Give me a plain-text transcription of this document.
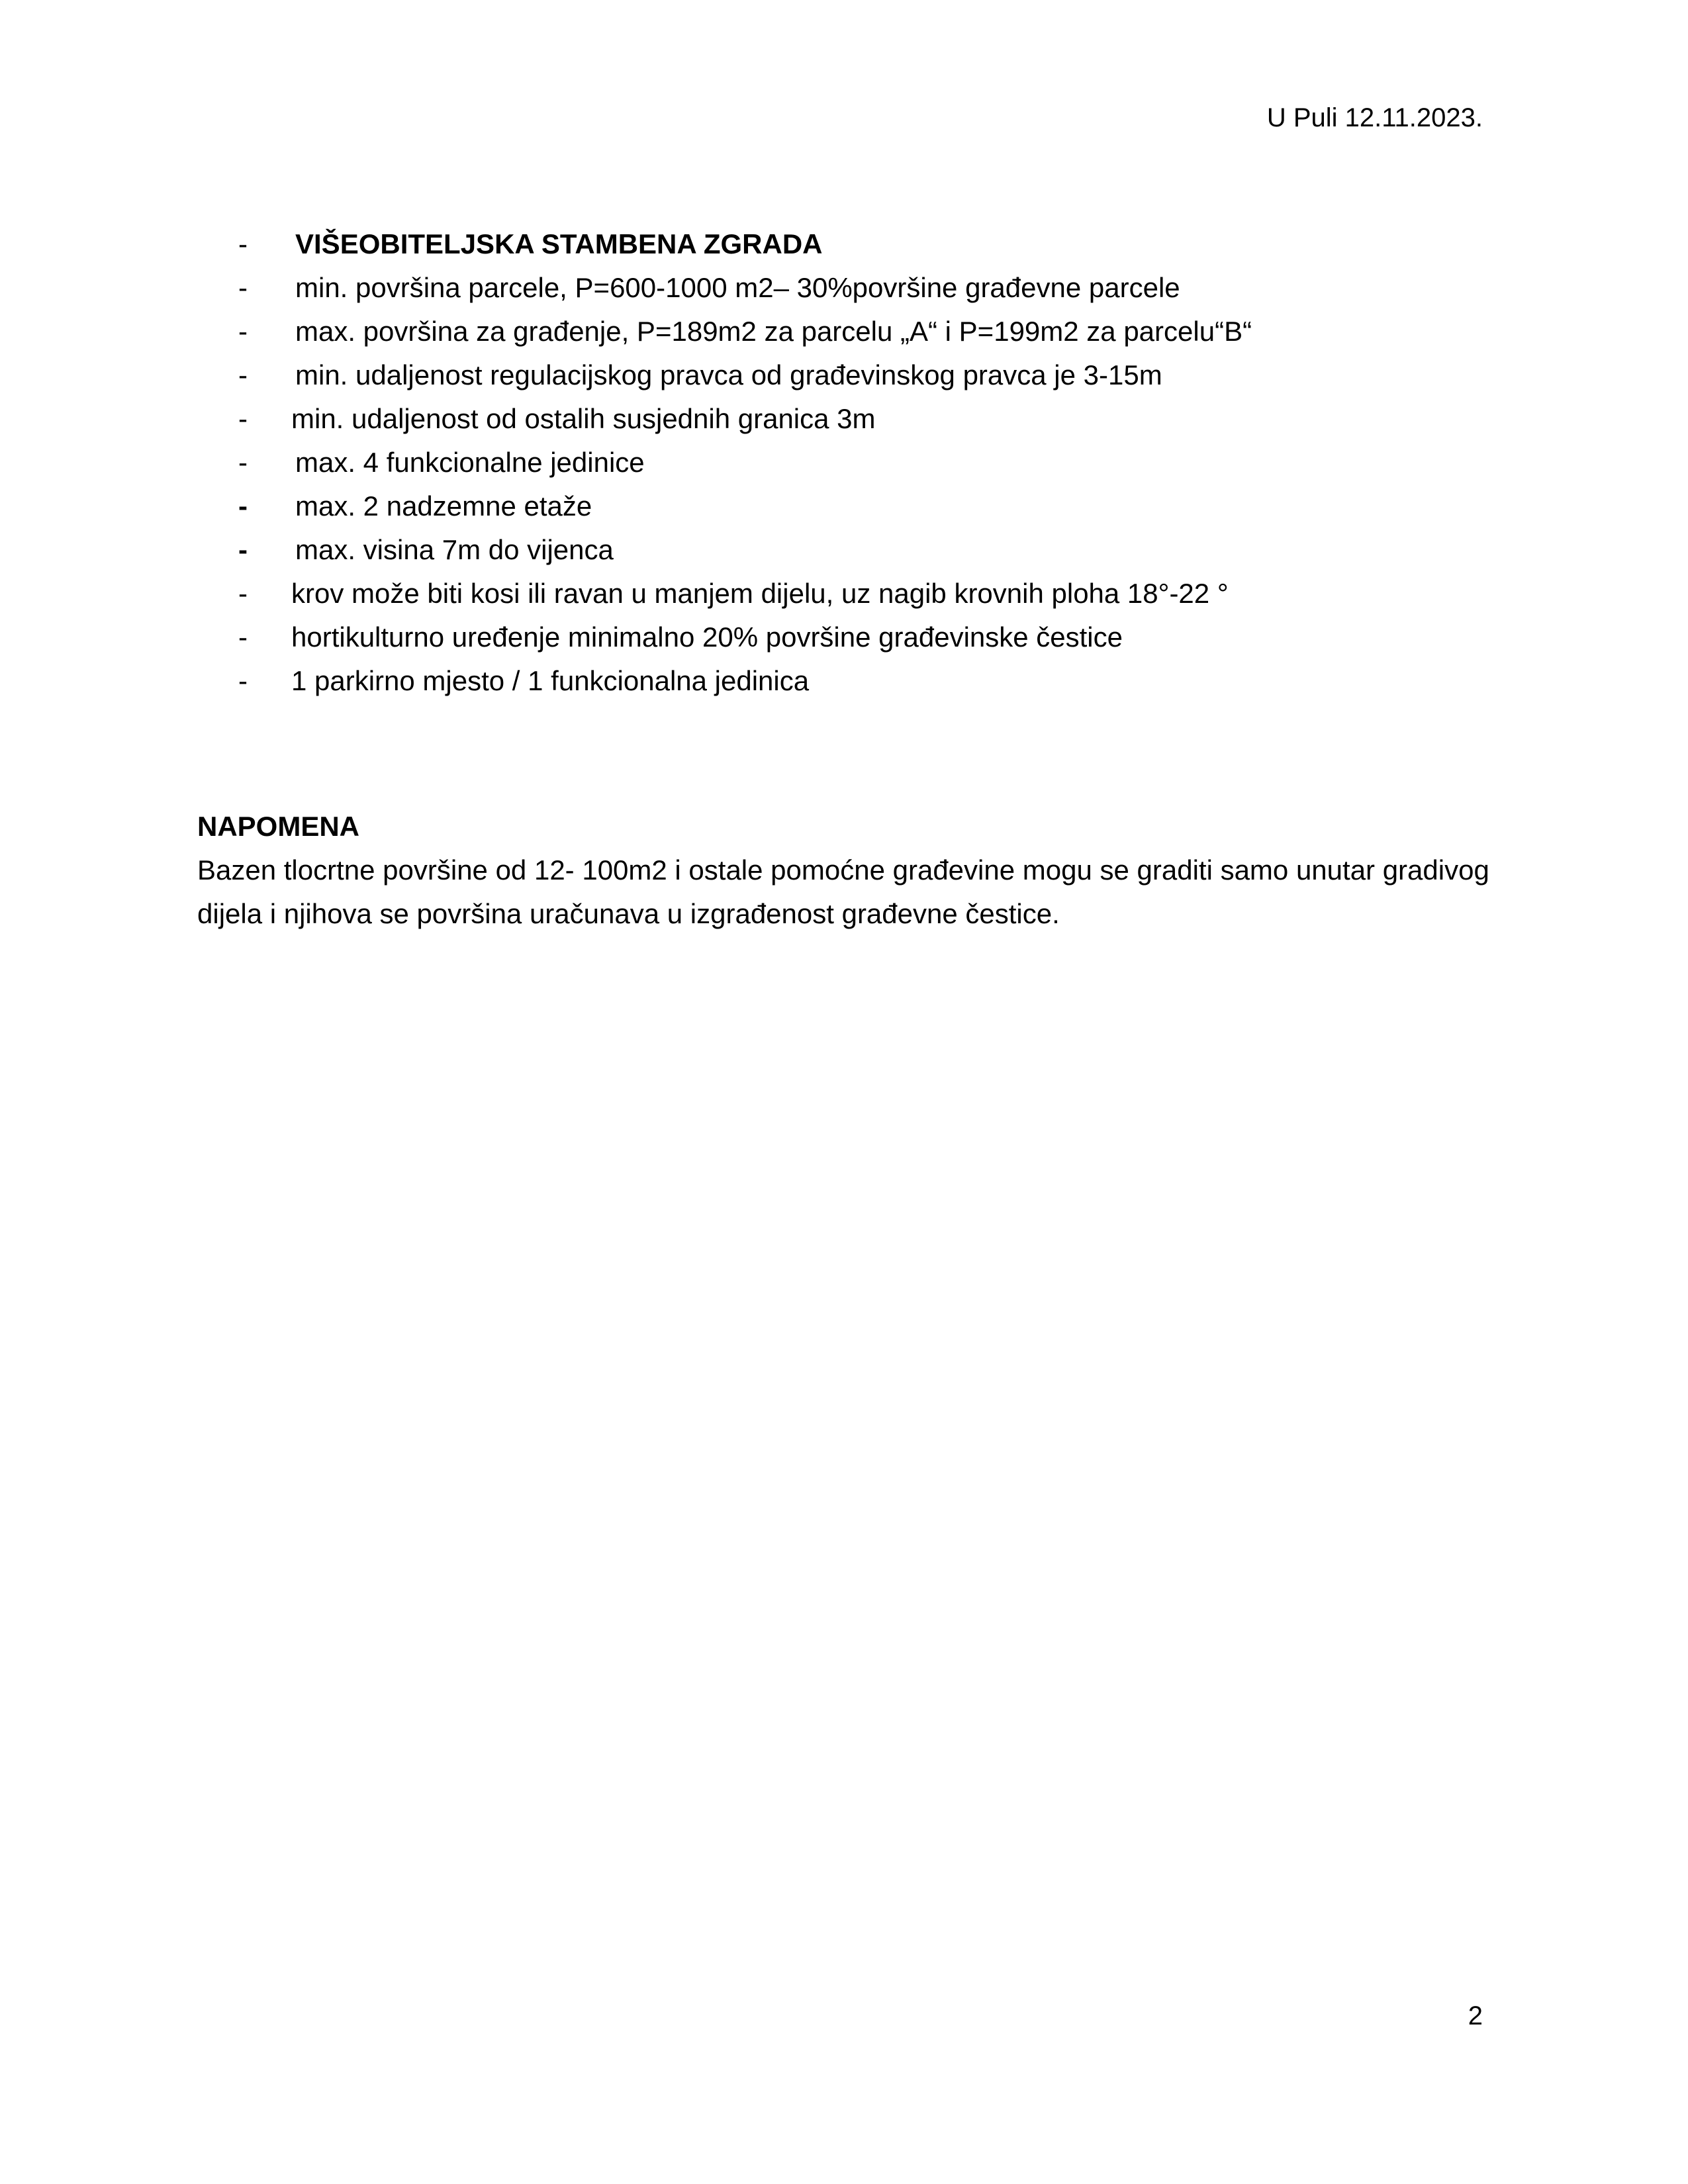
U Puli 12.11.2023.
-	VIŠEOBITELJSKA STAMBENA ZGRADA
-	min. površina parcele, P=600-1000 m2– 30%površine građevne parcele
-	max. površina za građenje, P=189m2 za parcelu „A“ i P=199m2 za parcelu“B“
-	min. udaljenost regulacijskog pravca od građevinskog pravca je 3-15m
-	min. udaljenost od ostalih susjednih granica 3m
-	max. 4 funkcionalne jedinice
-	max. 2 nadzemne etaže
-	max. visina 7m do vijenca
-	krov može biti kosi ili ravan u manjem dijelu, uz nagib krovnih ploha 18°-22 °
-	hortikulturno uređenje minimalno 20% površine građevinske čestice
-	1 parkirno mjesto / 1 funkcionalna jedinica

NAPOMENA

Bazen tlocrtne površine od 12- 100m2 i ostale pomoćne građevine mogu se graditi samo unutar gradivog dijela i njihova se površina uračunava u izgrađenost građevne čestice.

2
